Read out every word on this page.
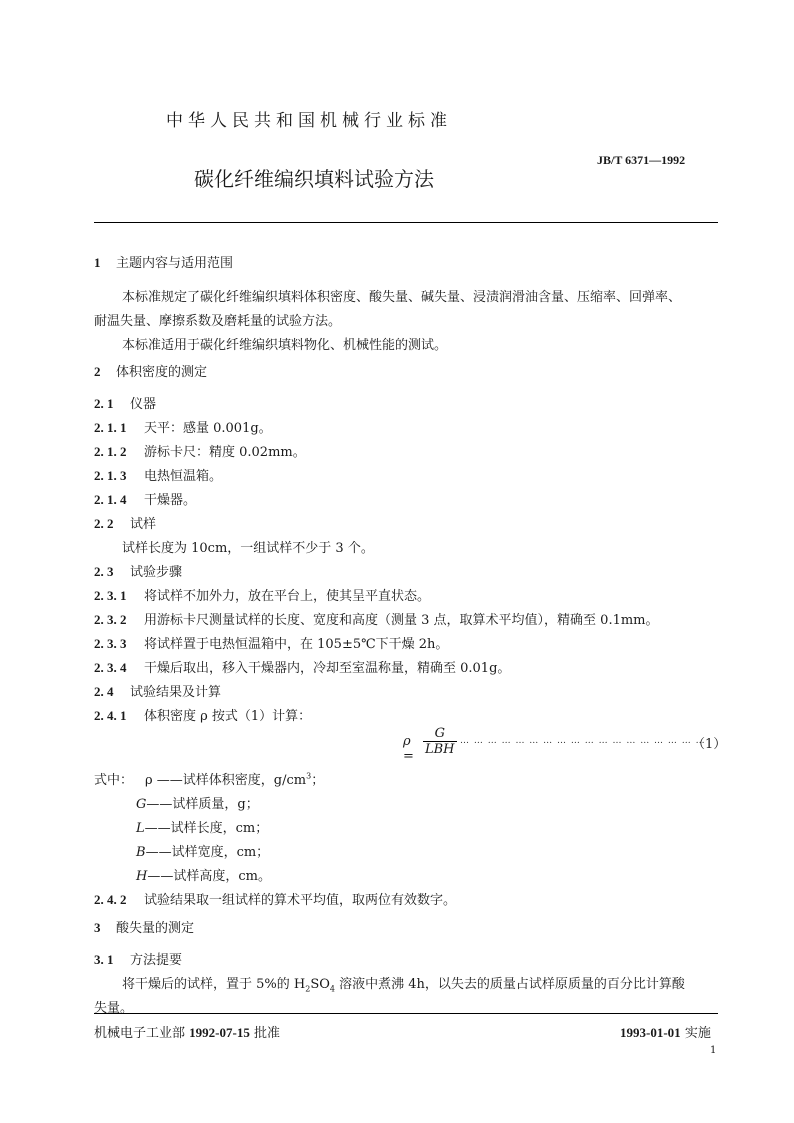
中华人民共和国机械行业标准
JB/T 6371—1992
碳化纤维编织填料试验方法
1 主题内容与适用范围
本标准规定了碳化纤维编织填料体积密度、酸失量、碱失量、浸渍润滑油含量、压缩率、回弹率、
耐温失量、摩擦系数及磨耗量的试验方法。
本标准适用于碳化纤维编织填料物化、机械性能的测试。
2 体积密度的测定
2. 1 仪器
2. 1. 1 天平：感量 0.001g。
2. 1. 2 游标卡尺：精度 0.02mm。
2. 1. 3 电热恒温箱。
2. 1. 4 干燥器。
2. 2 试样
试样长度为 10cm，一组试样不少于 3 个。
2. 3 试验步骤
2. 3. 1 将试样不加外力，放在平台上，使其呈平直状态。
2. 3. 2 用游标卡尺测量试样的长度、宽度和高度（测量 3 点，取算术平均值），精确至 0.1mm。
2. 3. 3 将试样置于电热恒温箱中，在 105±5℃下干燥 2h。
2. 3. 4 干燥后取出，移入干燥器内，冷却至室温称量，精确至 0.01g。
2. 4 试验结果及计算
2. 4. 1 体积密度 ρ 按式（1）计算：
ρ =
G
LBH
… … … … … … … … … … … … … … … … … …
（1）
式中： ρ ——试样体积密度，$g/cm^3$；
G——试样质量，g；
L——试样长度，cm；
B——试样宽度，cm；
H——试样高度，cm。
2. 4. 2 试验结果取一组试样的算术平均值，取两位有效数字。
3 酸失量的测定
3. 1 方法提要
将干燥后的试样，置于 5%的 $H_2SO_4$ 溶液中煮沸 4h，以失去的质量占试样原质量的百分比计算酸
失量。
机械电子工业部 1992-07-15 批准	1993-01-01 实施
1
